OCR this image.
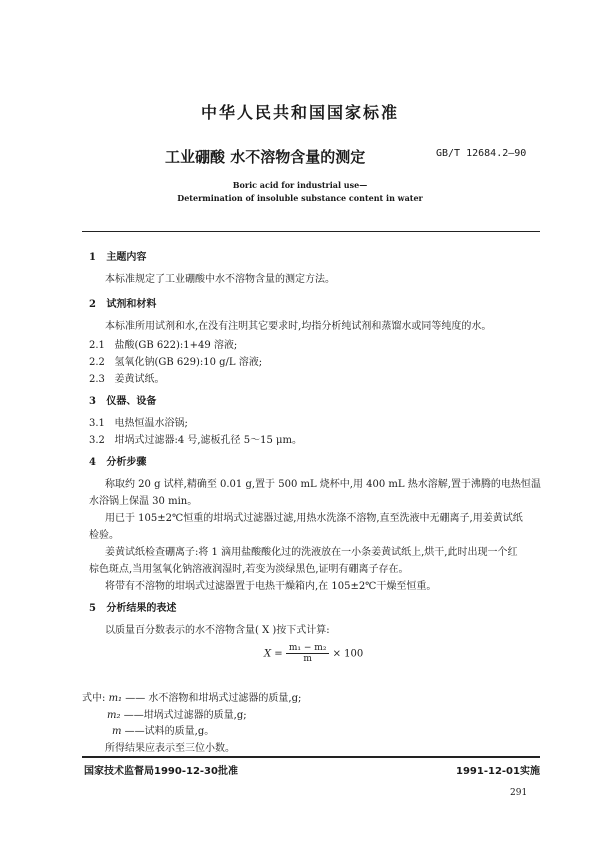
中华人民共和国国家标准
工业硼酸 水不溶物含量的测定	GB/T 12684.2—90
Boric acid for industrial use—
Determination of insoluble substance content in water
1 主题内容
本标准规定了工业硼酸中水不溶物含量的测定方法。
2 试剂和材料
本标准所用试剂和水,在没有注明其它要求时,均指分析纯试剂和蒸馏水或同等纯度的水。
2.1 盐酸(GB 622):1+49 溶液;
2.2 氢氧化钠(GB 629):10 g/L 溶液;
2.3 姜黄试纸。
3 仪器、设备
3.1 电热恒温水浴锅;
3.2 坩埚式过滤器:4 号,滤板孔径 5～15 μm。
4 分析步骤
称取约 20 g 试样,精确至 0.01 g,置于 500 mL 烧杯中,用 400 mL 热水溶解,置于沸腾的电热恒温
水浴锅上保温 30 min。
用已于 105±2℃恒重的坩埚式过滤器过滤,用热水洗涤不溶物,直至洗液中无硼离子,用姜黄试纸
检验。
姜黄试纸检查硼离子:将 1 滴用盐酸酸化过的洗液放在一小条姜黄试纸上,烘干,此时出现一个红
棕色斑点,当用氢氧化钠溶液润湿时,若变为淡绿黑色,证明有硼离子存在。
将带有不溶物的坩埚式过滤器置于电热干燥箱内,在 105±2℃干燥至恒重。
5 分析结果的表述
以质量百分数表示的水不溶物含量( X )按下式计算:
$X = \frac{\text{m₁ − m₂}}{m} \times 100$
式中: m₁ —— 水不溶物和坩埚式过滤器的质量,g;
m₂ ——坩埚式过滤器的质量,g;
m ——试料的质量,g。
所得结果应表示至三位小数。
国家技术监督局1990-12-30批准	1991-12-01实施
291
